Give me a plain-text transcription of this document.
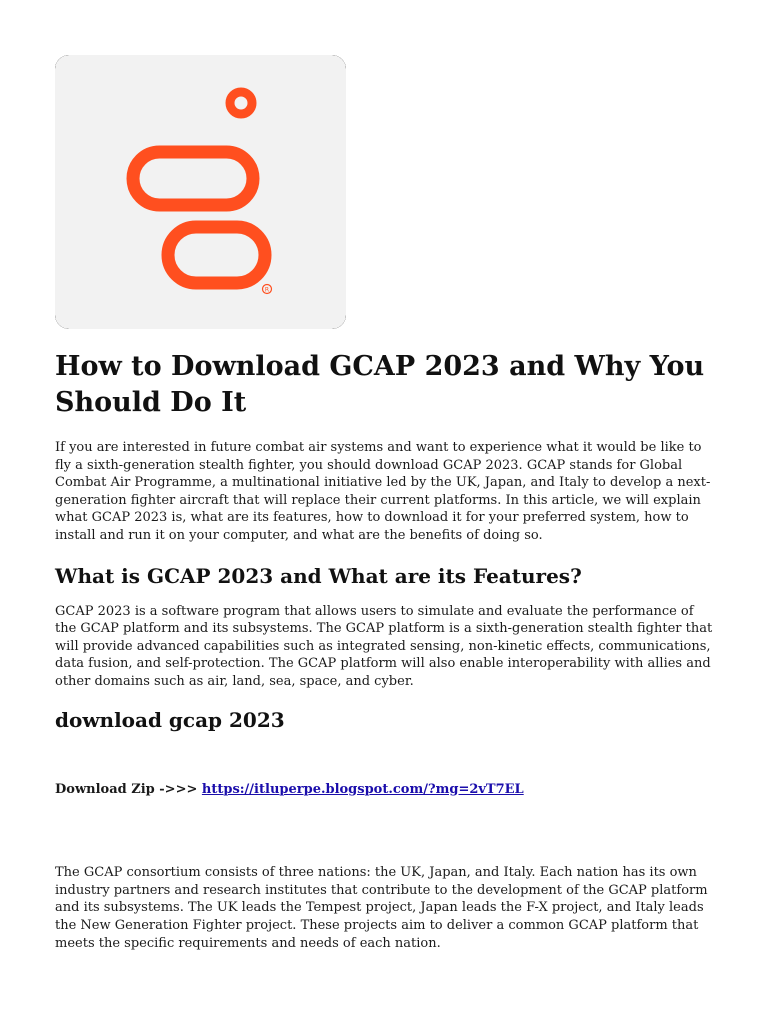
R
How to Download GCAP 2023 and Why You Should Do It

If you are interested in future combat air systems and want to experience what it would be like to fly a sixth-generation stealth fighter, you should download GCAP 2023. GCAP stands for Global Combat Air Programme, a multinational initiative led by the UK, Japan, and Italy to develop a next-generation fighter aircraft that will replace their current platforms. In this article, we will explain what GCAP 2023 is, what are its features, how to download it for your preferred system, how to install and run it on your computer, and what are the benefits of doing so.

What is GCAP 2023 and What are its Features?

GCAP 2023 is a software program that allows users to simulate and evaluate the performance of the GCAP platform and its subsystems. The GCAP platform is a sixth-generation stealth fighter that will provide advanced capabilities such as integrated sensing, non-kinetic effects, communications, data fusion, and self-protection. The GCAP platform will also enable interoperability with allies and other domains such as air, land, sea, space, and cyber.

download gcap 2023

Download Zip ->>> https://itluperpe.blogspot.com/?mg=2vT7EL

The GCAP consortium consists of three nations: the UK, Japan, and Italy. Each nation has its own industry partners and research institutes that contribute to the development of the GCAP platform and its subsystems. The UK leads the Tempest project, Japan leads the F-X project, and Italy leads the New Generation Fighter project. These projects aim to deliver a common GCAP platform that meets the specific requirements and needs of each nation.
